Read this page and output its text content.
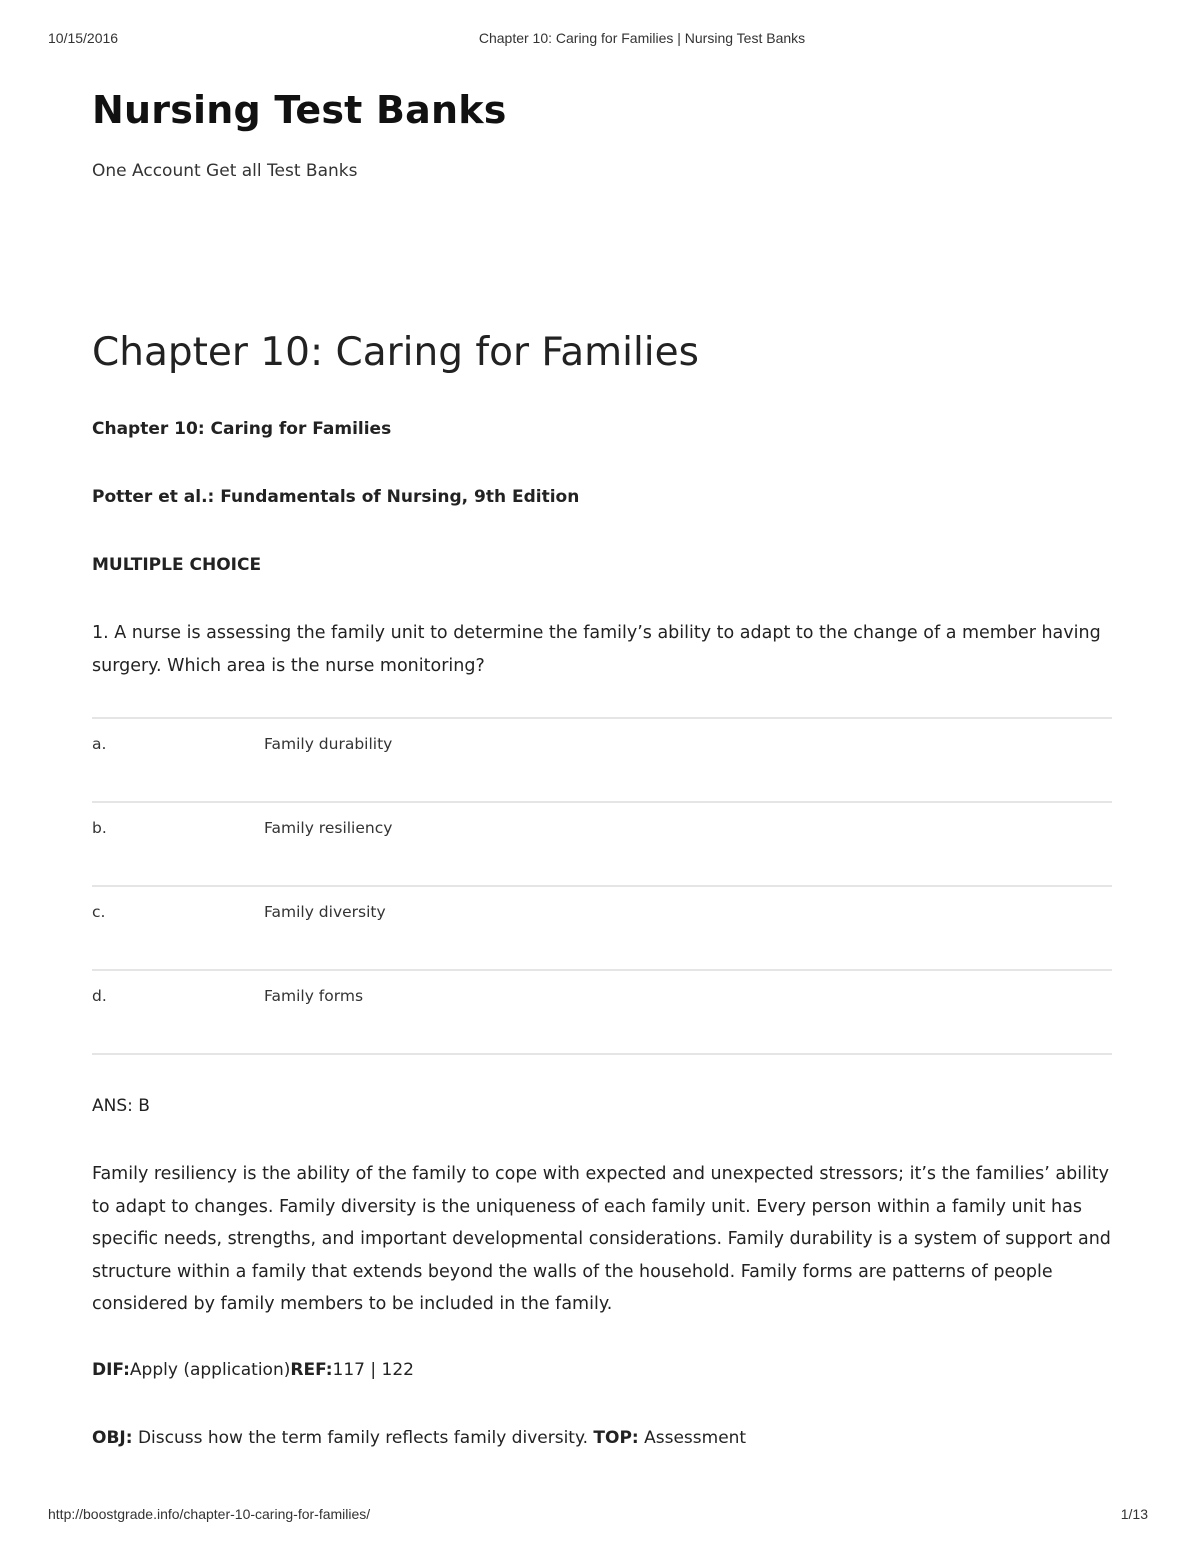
10/15/2016	Chapter 10: Caring for Families | Nursing Test Banks
Nursing Test Banks
One Account Get all Test Banks
Chapter 10: Caring for Families
Chapter 10: Caring for Families
Potter et al.: Fundamentals of Nursing, 9th Edition
MULTIPLE CHOICE
1. A nurse is assessing the family unit to determine the family’s ability to adapt to the change of a member having surgery. Which area is the nurse monitoring?
a.	Family durability
b.	Family resiliency
c.	Family diversity
d.	Family forms
ANS: B
Family resiliency is the ability of the family to cope with expected and unexpected stressors; it’s the families’ ability to adapt to changes. Family diversity is the uniqueness of each family unit. Every person within a family unit has specific needs, strengths, and important developmental considerations. Family durability is a system of support and structure within a family that extends beyond the walls of the household. Family forms are patterns of people considered by family members to be included in the family.
DIF:Apply (application)REF:117 | 122
OBJ: Discuss how the term family reflects family diversity. TOP: Assessment
http://boostgrade.info/chapter-10-caring-for-families/	1/13
